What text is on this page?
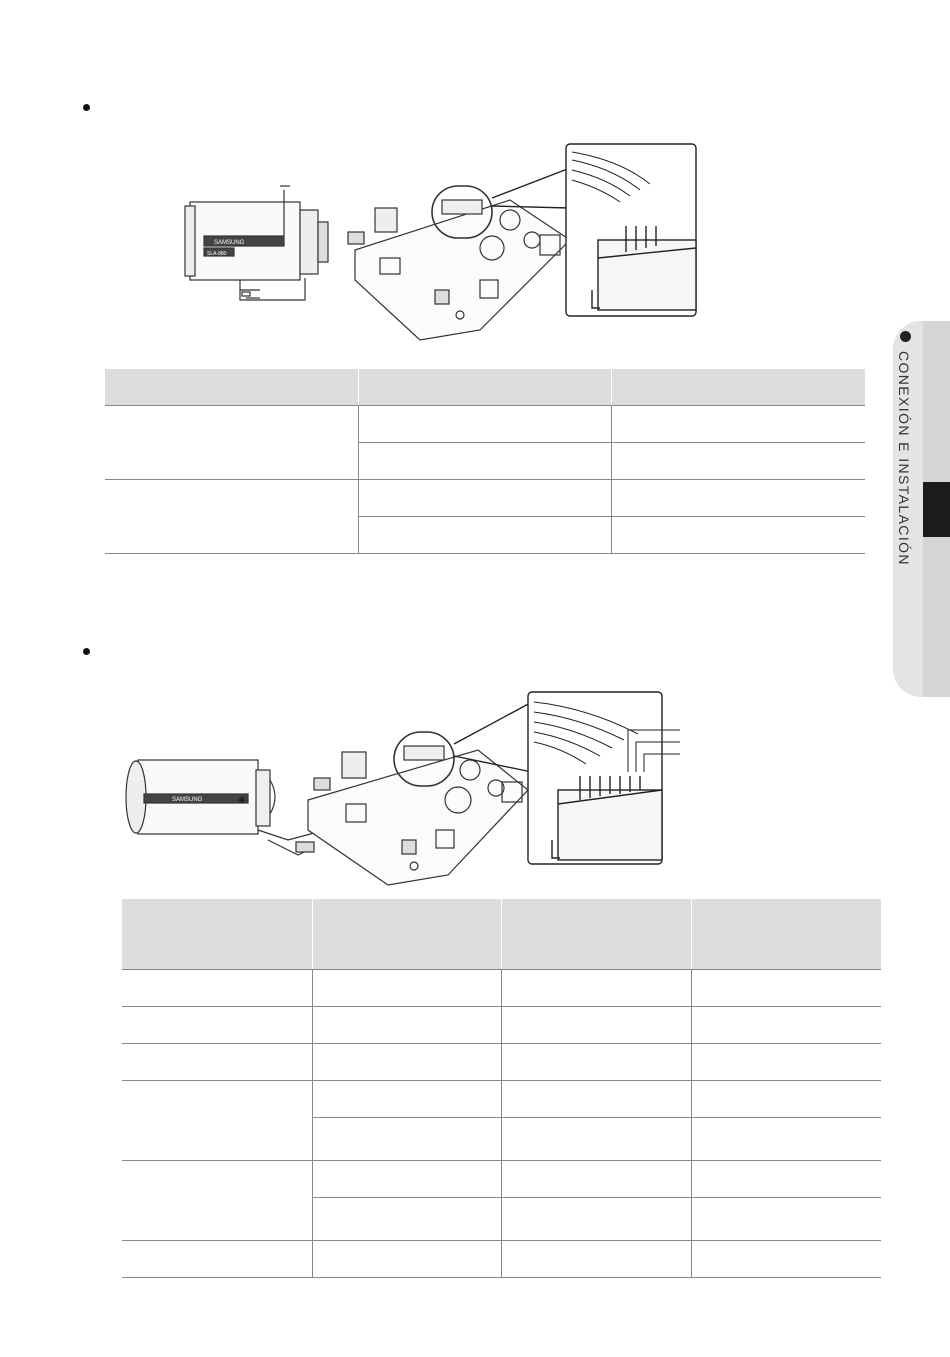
SAMSUNG
SLA-880

SAMSUNG

CONEXIÓN E INSTALACIÓN
